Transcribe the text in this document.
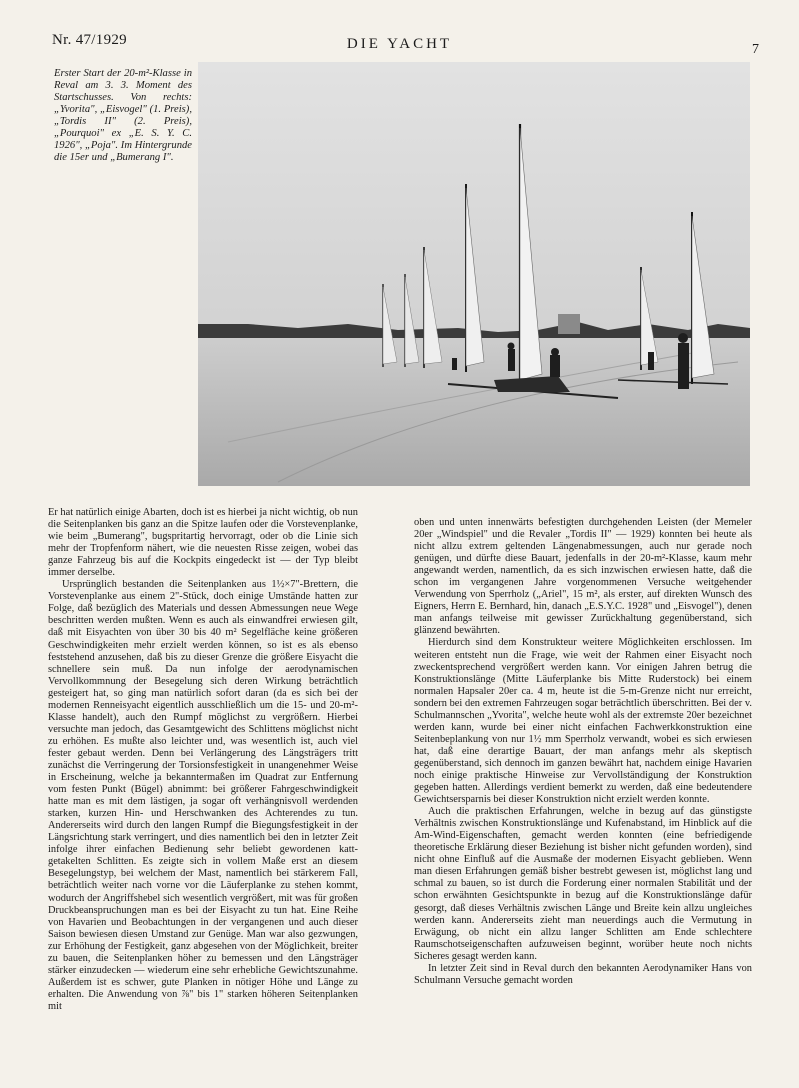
Nr. 47/1929	DIE YACHT	7
Erster Start der 20-m²-Klasse in Reval am 3. 3. Moment des Startschusses. Von rechts: „Yvorita", „Eisvogel" (1. Preis), „Tordis II" (2. Preis), „Pourquoi" ex „E. S. Y. C. 1926", „Poja". Im Hintergrunde die 15er und „Bumerang I".

Er hat natürlich einige Abarten, doch ist es hierbei ja nicht wichtig, ob nun die Seitenplanken bis ganz an die Spitze laufen oder die Vorstevenplanke, wie beim „Bumerang", bugspritartig hervorragt, oder ob die Linie sich mehr der Tropfenform nähert, wie die neuesten Risse zeigen, wobei das ganze Fahrzeug bis auf die Kockpits eingedeckt ist — der Typ bleibt immer derselbe.

Ursprünglich bestanden die Seitenplanken aus 1½×7"-Brettern, die Vorstevenplanke aus einem 2"-Stück, doch einige Umstände hatten zur Folge, daß bezüglich des Materials und dessen Abmessungen neue Wege beschritten werden mußten. Wenn es auch als einwandfrei erwiesen gilt, daß mit Eisyachten von über 30 bis 40 m² Segelfläche keine größeren Geschwindigkeiten mehr erzielt werden können, so ist es als ebenso feststehend anzusehen, daß bis zu dieser Grenze die größere Eisyacht die schnellere sein muß. Da nun infolge der aerodynamischen Vervollkommnung der Besegelung sich deren Wirkung beträchtlich gesteigert hat, so ging man natürlich sofort daran (da es sich bei der modernen Renneisyacht eigentlich ausschließlich um die 15- und 20-m²-Klasse handelt), auch den Rumpf möglichst zu vergrößern. Hierbei versuchte man jedoch, das Gesamtgewicht des Schlittens möglichst nicht zu erhöhen. Es mußte also leichter und, was wesentlich ist, auch viel fester gebaut werden. Denn bei Verlängerung des Längsträgers tritt zunächst die Verringerung der Torsionsfestigkeit in unangenehmer Weise in Erscheinung, welche ja bekanntermaßen im Quadrat zur Entfernung vom festen Punkt (Bügel) abnimmt: bei größerer Fahrgeschwindigkeit hatte man es mit dem lästigen, ja sogar oft verhängnisvoll werdenden starken, kurzen Hin- und Herschwanken des Achterendes zu tun. Andererseits wird durch den langen Rumpf die Biegungsfestigkeit in der Längsrichtung stark verringert, und dies namentlich bei den in letzter Zeit infolge ihrer einfachen Bedienung sehr beliebt gewordenen katt-getakelten Schlitten. Es zeigte sich in vollem Maße erst an diesem Besegelungstyp, bei welchem der Mast, namentlich bei stärkerem Fall, beträchtlich weiter nach vorne vor die Läuferplanke zu stehen kommt, wodurch der Angriffshebel sich wesentlich vergrößert, mit was für großen Druckbeanspruchungen man es bei der Eisyacht zu tun hat. Eine Reihe von Havarien und Beobachtungen in der vergangenen und auch dieser Saison bewiesen diesen Umstand zur Genüge. Man war also gezwungen, zur Erhöhung der Festigkeit, ganz abgesehen von der Möglichkeit, breiter zu bauen, die Seitenplanken höher zu bemessen und den Längsträger stärker einzudecken — wiederum eine sehr erhebliche Gewichtszunahme. Außerdem ist es schwer, gute Planken in nötiger Höhe und Länge zu erhalten. Die Anwendung von ⅞" bis 1" starken höheren Seitenplanken mit

oben und unten innenwärts befestigten durchgehenden Leisten (der Memeler 20er „Windspiel" und die Revaler „Tordis II" — 1929) konnten bei heute als nicht allzu extrem geltenden Längenabmessungen, auch nur gerade noch genügen, und dürfte diese Bauart, jedenfalls in der 20-m²-Klasse, kaum mehr angewandt werden, namentlich, da es sich inzwischen erwiesen hatte, daß die schon im vergangenen Jahre vorgenommenen Versuche weitgehender Verwendung von Sperrholz („Ariel", 15 m², als erster, auf direkten Wunsch des Eigners, Herrn E. Bernhard, hin, danach „E.S.Y.C. 1928" und „Eisvogel"), denen man anfangs teilweise mit gewisser Zurückhaltung gegenüberstand, sich glänzend bewährten.

Hierdurch sind dem Konstrukteur weitere Möglichkeiten erschlossen. Im weiteren entsteht nun die Frage, wie weit der Rahmen einer Eisyacht noch zweckentsprechend vergrößert werden kann. Vor einigen Jahren betrug die Konstruktionslänge (Mitte Läuferplanke bis Mitte Ruderstock) bei einem normalen Hapsaler 20er ca. 4 m, heute ist die 5-m-Grenze nicht nur erreicht, sondern bei den extremen Fahrzeugen sogar beträchtlich überschritten. Bei der v. Schulmannschen „Yvorita", welche heute wohl als der extremste 20er bezeichnet werden kann, wurde bei einer nicht einfachen Fachwerkkonstruktion eine Seitenbeplankung von nur 1½ mm Sperrholz verwandt, wobei es sich erwiesen hat, daß eine derartige Bauart, der man anfangs mehr als skeptisch gegenüberstand, sich dennoch im ganzen bewährt hat, nachdem einige Havarien noch einige praktische Hinweise zur Vervollständigung der Konstruktion gegeben hatten. Allerdings verdient bemerkt zu werden, daß eine bedeutendere Gewichtsersparnis bei dieser Konstruktion nicht erzielt werden konnte.

Auch die praktischen Erfahrungen, welche in bezug auf das günstigste Verhältnis zwischen Konstruktionslänge und Kufenabstand, im Hinblick auf die Am-Wind-Eigenschaften, gemacht werden konnten (eine befriedigende theoretische Erklärung dieser Beziehung ist bisher nicht gefunden worden), sind nicht ohne Einfluß auf die Ausmaße der modernen Eisyacht geblieben. Wenn man diesen Erfahrungen gemäß bisher bestrebt gewesen ist, möglichst lang und schmal zu bauen, so ist durch die Forderung einer normalen Stabilität und der schon erwähnten Gesichtspunkte in bezug auf die Konstruktionslänge dafür gesorgt, daß dieses Verhältnis zwischen Länge und Breite kein allzu ungleiches werden kann. Andererseits zieht man neuerdings auch die Vermutung in Erwägung, ob nicht ein allzu langer Schlitten am Ende schlechtere Raumschotseigenschaften aufzuweisen beginnt, worüber heute noch nichts Sicheres gesagt werden kann.

In letzter Zeit sind in Reval durch den bekannten Aerodynamiker Hans von Schulmann Versuche gemacht worden
